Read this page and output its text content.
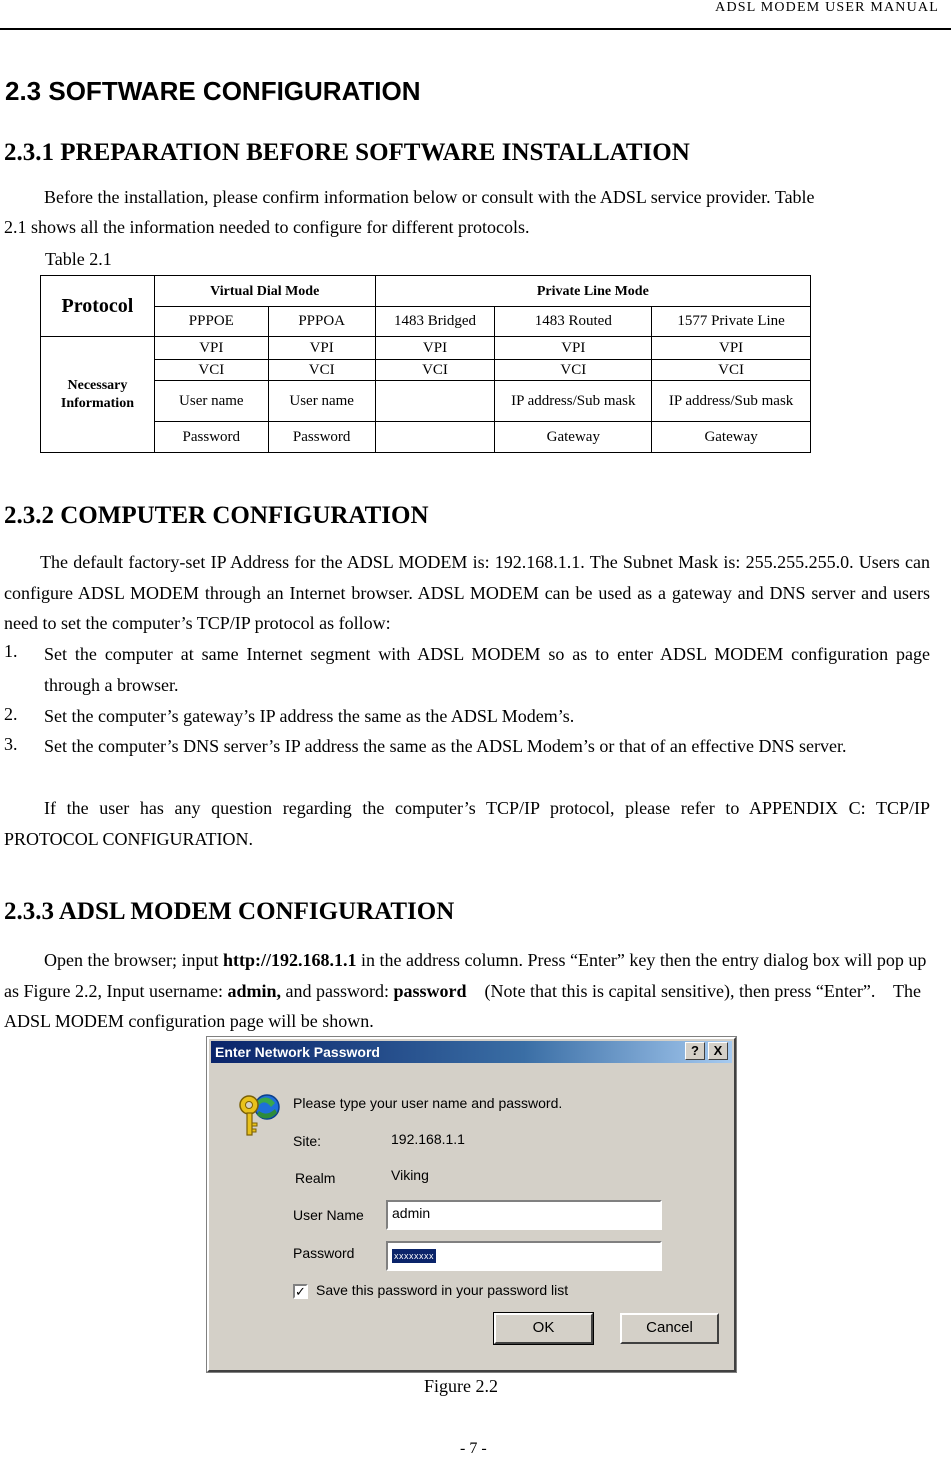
ADSL MODEM USER MANUAL
2.3 SOFTWARE CONFIGURATION
2.3.1 PREPARATION BEFORE SOFTWARE INSTALLATION
Before the installation, please confirm information below or consult with the ADSL service provider. Table
2.1 shows all the information needed to configure for different protocols.
Table 2.1
Protocol	Virtual Dial Mode		Private Line Mode		
	PPPOE	PPPOA	1483 Bridged	1483 Routed	1577 Private Line
Necessary Information	VPI	VPI	VPI	VPI	VPI
	VCI	VCI	VCI	VCI	VCI
	User name	User name		IP address/Sub mask	IP address/Sub mask
	Password	Password		Gateway	Gateway
2.3.2 COMPUTER CONFIGURATION
The default factory-set IP Address for the ADSL MODEM is: 192.168.1.1. The Subnet Mask is: 255.255.255.0. Users can configure ADSL MODEM through an Internet browser. ADSL MODEM can be used as a gateway and DNS server and users need to set the computer’s TCP/IP protocol as follow:
1. Set the computer at same Internet segment with ADSL MODEM so as to enter ADSL MODEM configuration page through a browser.
2. Set the computer’s gateway’s IP address the same as the ADSL Modem’s.
3. Set the computer’s DNS server’s IP address the same as the ADSL Modem’s or that of an effective DNS server.
If the user has any question regarding the computer’s TCP/IP protocol, please refer to APPENDIX C: TCP/IP PROTOCOL CONFIGURATION.
2.3.3 ADSL MODEM CONFIGURATION
Open the browser; input http://192.168.1.1 in the address column. Press “Enter” key then the entry dialog box will pop up as Figure 2.2, Input username: admin, and password: password    (Note that this is capital sensitive), then press “Enter”.    The ADSL MODEM configuration page will be shown.
Enter Network Password	?	X
Please type your user name and password.
Site:	192.168.1.1
Realm	Viking
User Name	admin
Password	xxxxxxxx
✓ Save this password in your password list
OK	Cancel
Figure 2.2
- 7 -
